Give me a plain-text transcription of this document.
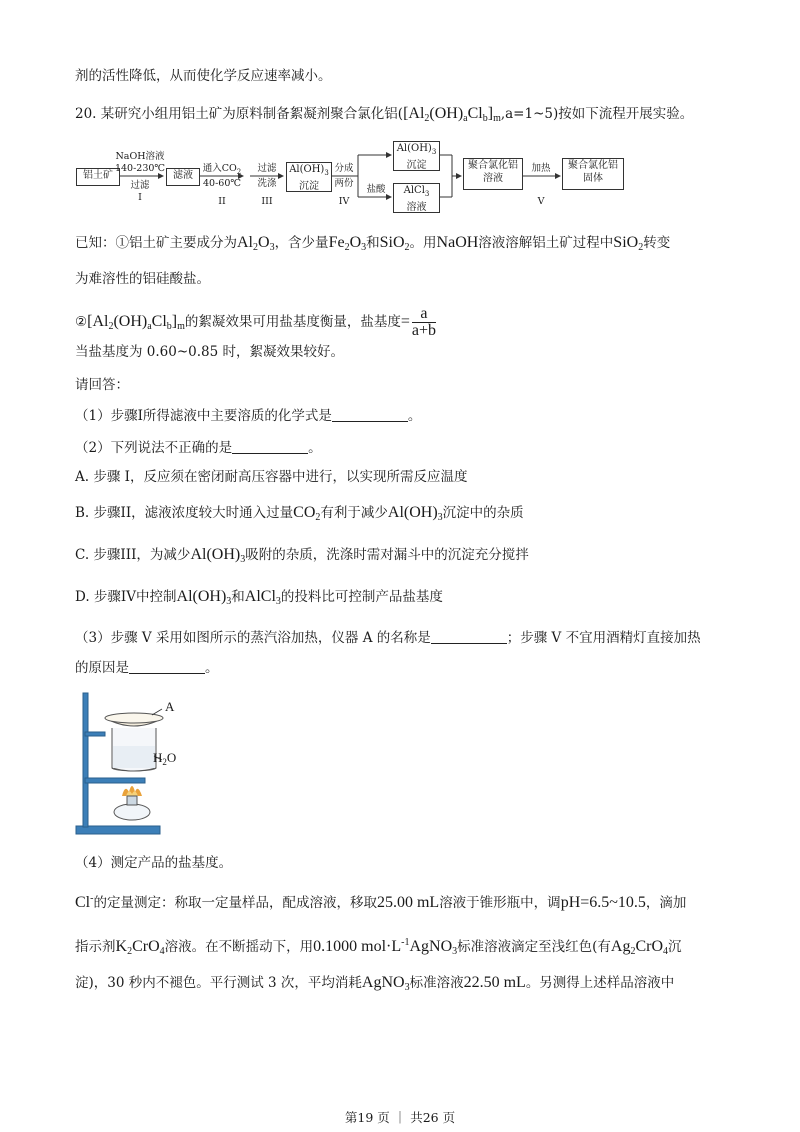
剂的活性降低，从而使化学反应速率减小。
20. 某研究小组用铝土矿为原料制备絮凝剂聚合氯化铝$([Al_2(OH)_aCl_b]_m,a=1\sim 5)$按如下流程开展实验。
铝土矿
NaOH溶液
140-230℃
过滤
I
滤液
通入$CO_2$
40-60℃
II
过滤
洗涤
III
$Al(OH)_3$
沉淀
分成
两份
IV
$Al(OH)_3$
沉淀
盐酸	AlCl$_3$
溶液
聚合氯化铝
溶液
加热
V
聚合氯化铝
固体
已知：①铝土矿主要成分为$Al_2O_3$，含少量$Fe_2O_3$和SiO$_2$。用NaOH溶液溶解铝土矿过程中SiO$_2$转变
为难溶性的铝硅酸盐。
$②[Al_2(OH)_aCl_b]_m$的絮凝效果可用盐基度衡量，盐基度= $\frac{a}{a+b}$
当盐基度为 0.60~0.85 时，絮凝效果较好。
请回答：
（1）步骤I所得滤液中主要溶质的化学式是	。
（2）下列说法不正确的是	。
A. 步骤 I，反应须在密闭耐高压容器中进行，以实现所需反应温度
B. 步骤II，滤液浓度较大时通入过量$CO_2$有利于减少$Al(OH)_3$沉淀中的杂质
C. 步骤III，为减少$Al(OH)_3$吸附的杂质，洗涤时需对漏斗中的沉淀充分搅拌
D. 步骤IV中控制$Al(OH)_3$和AlCl$_3$的投料比可控制产品盐基度
（3）步骤 V 采用如图所示的蒸汽浴加热，仪器 A 的名称是	；步骤 V 不宜用酒精灯直接加热
的原因是	。
A
$H_2O$
（4）测定产品的盐基度。
Cl-的定量测定：称取一定量样品，配成溶液，移取25.00 mL溶液于锥形瓶中，调pH=6.5~10.5，滴加
指示剂$K_2CrO_4$溶液。在不断摇动下，用0.1000 $mol\cdot L^{-1}AgNO_3$标准溶液滴定至浅红色(有$Ag_2CrO_4$沉
淀)，30 秒内不褪色。平行测试 3 次，平均消耗AgNO$_3$标准溶液22.50 mL。另测得上述样品溶液中
第19 页 ｜ 共26 页
